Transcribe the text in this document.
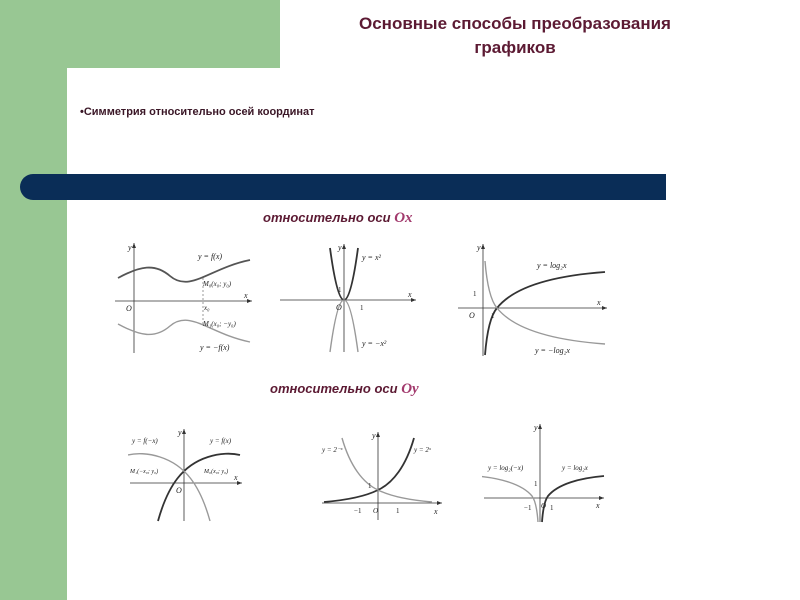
Основные способы преобразования
графиков
•Симметрия относительно осей координат
относительно оси Ox
относительно оси Oy
y
x
O
y = f(x)
y = −f(x)
M₀(x₀; y₀)
M₁(x₀; −y₀)
x₀
y
x
O	1
1
y = x²
y = −x²
y
x
O 1
1
y = log₂x
y = −log₂x
y
x
O
y = f(−x)	y = f(x)
M₁(−x₀; y₀)	M₀(x₀; y₀)
y
x
O
1
−1	1
y = 2⁻ˣ	y = 2ˣ
y
x
O
1
−1	1
y = log₂(−x)	y = log₂x
